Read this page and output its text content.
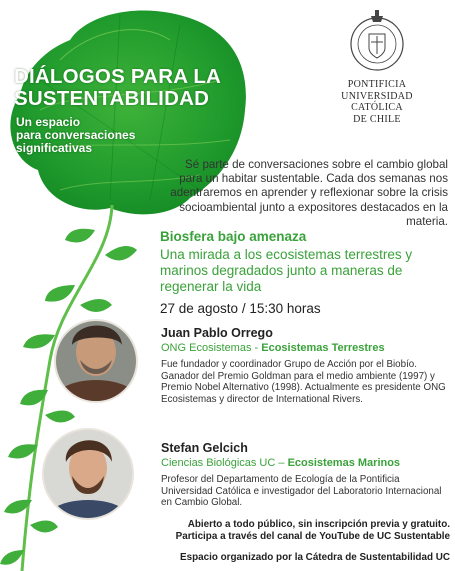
DIÁLOGOS PARA LA
SUSTENTABILIDAD

Un espacio
para conversaciones
significativas

PONTIFICIA
UNIVERSIDAD
CATÓLICA
DE CHILE

Sé parte de conversaciones sobre el cambio global para un habitar sustentable. Cada dos semanas nos adentraremos en aprender y reflexionar sobre la crisis socioambiental junto a expositores destacados en la materia.

Biosfera bajo amenaza

Una mirada a los ecosistemas terrestres y marinos degradados junto a maneras de regenerar la vida

27 de agosto / 15:30 horas

Juan Pablo Orrego

ONG Ecosistemas - Ecosistemas Terrestres

Fue fundador y coordinador Grupo de Acción por el Biobío. Ganador del Premio Goldman para el medio ambiente (1997) y Premio Nobel Alternativo (1998). Actualmente es presidente ONG Ecosistemas y director de International Rivers.

Stefan Gelcich

Ciencias Biológicas UC – Ecosistemas Marinos

Profesor del Departamento de Ecología de la Pontificia Universidad Católica e investigador del Laboratorio Internacional en Cambio Global.

Abierto a todo público, sin inscripción previa y gratuito.
Participa a través del canal de YouTube de UC Sustentable

Espacio organizado por la Cátedra de Sustentabilidad UC
